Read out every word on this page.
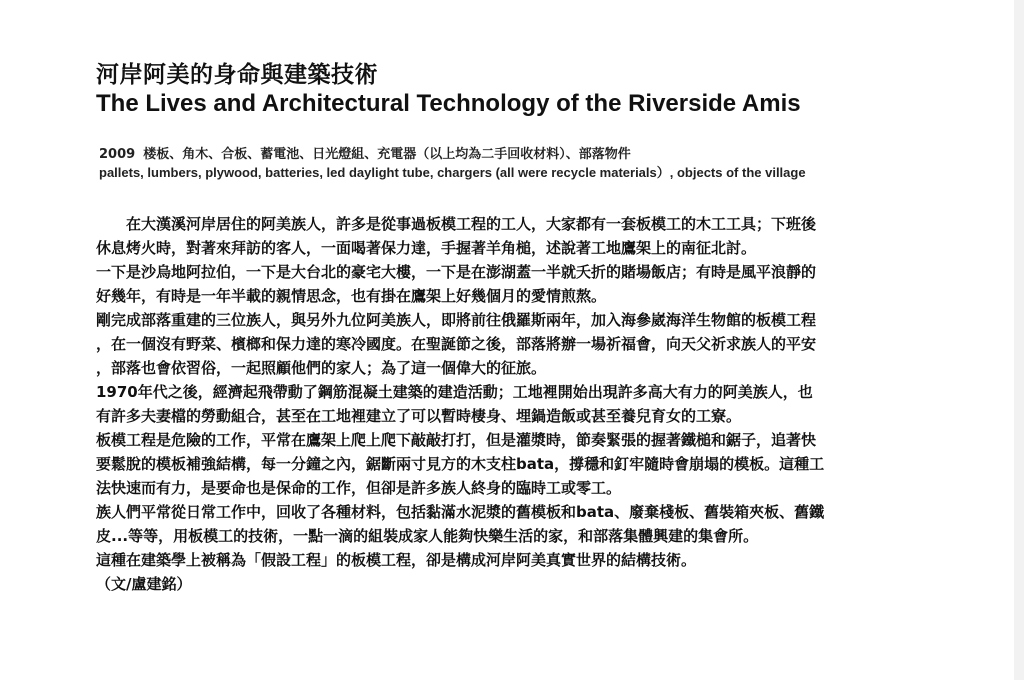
河岸阿美的身命與建築技術
The Lives and Architectural Technology of the Riverside Amis
2009 楼板、角木、合板、蓄電池、日光燈組、充電器（以上均為二手回收材料）、部落物件
pallets, lumbers, plywood, batteries, led daylight tube, chargers (all were recycle materials）, objects of the village

在大漢溪河岸居住的阿美族人，許多是從事過板模工程的工人，大家都有一套板模工的木工工具；下班後

休息烤火時，對著來拜訪的客人，一面喝著保力達，手握著羊角槌，述說著工地鷹架上的南征北討。

一下是沙烏地阿拉伯，一下是大台北的豪宅大樓，一下是在澎湖蓋一半就夭折的賭場飯店；有時是風平浪靜的

好幾年，有時是一年半載的親情思念，也有掛在鷹架上好幾個月的愛情煎熬。

剛完成部落重建的三位族人，與另外九位阿美族人，即將前往俄羅斯兩年，加入海參崴海洋生物館的板模工程

，在一個沒有野菜、檳榔和保力達的寒冷國度。在聖誕節之後，部落將辦一場祈福會，向天父祈求族人的平安

，部落也會依習俗，一起照顧他們的家人；為了這一個偉大的征旅。

1970年代之後，經濟起飛帶動了鋼筋混凝土建築的建造活動；工地裡開始出現許多高大有力的阿美族人，也

有許多夫妻檔的勞動組合，甚至在工地裡建立了可以暫時棲身、埋鍋造飯或甚至養兒育女的工寮。

板模工程是危險的工作，平常在鷹架上爬上爬下敲敲打打，但是灌漿時，節奏緊張的握著鐵槌和鋸子，追著快

要鬆脫的模板補強結構，每一分鐘之內，鋸斷兩寸見方的木支柱bata，撐穩和釘牢隨時會崩塌的模板。這種工

法快速而有力，是要命也是保命的工作，但卻是許多族人終身的臨時工或零工。

族人們平常從日常工作中，回收了各種材料，包括黏滿水泥漿的舊模板和bata、廢棄棧板、舊裝箱夾板、舊鐵

皮...等等，用板模工的技術，一點一滴的組裝成家人能夠快樂生活的家，和部落集體興建的集會所。

這種在建築學上被稱為「假設工程」的板模工程，卻是構成河岸阿美真實世界的結構技術。

（文/盧建銘）
